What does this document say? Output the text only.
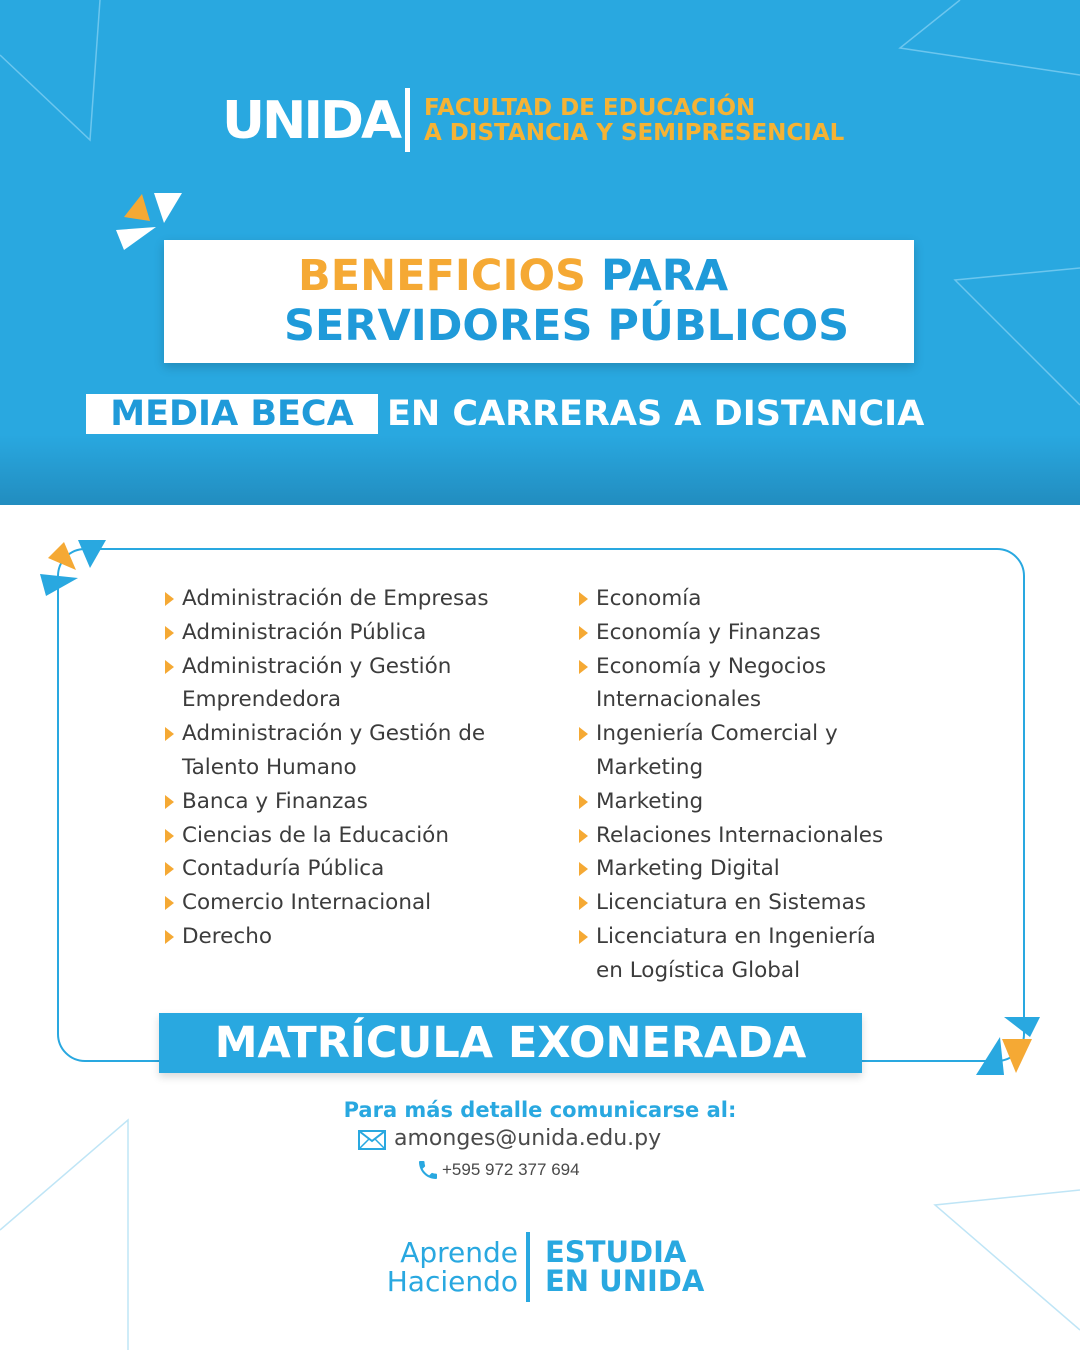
UNIDA FACULTAD DE EDUCACIÓN
A DISTANCIA Y SEMIPRESENCIAL
BENEFICIOS PARA
SERVIDORES PÚBLICOS
MEDIA BECA EN CARRERAS A DISTANCIA
Administración de Empresas
Administración Pública
Administración y Gestión
Emprendedora
Administración y Gestión de
Talento Humano
Banca y Finanzas
Ciencias de la Educación
Contaduría Pública
Comercio Internacional
Derecho
Economía
Economía y Finanzas
Economía y Negocios
Internacionales
Ingeniería Comercial y
Marketing
Marketing
Relaciones Internacionales
Marketing Digital
Licenciatura en Sistemas
Licenciatura en Ingeniería
en Logística Global
MATRÍCULA EXONERADA
Para más detalle comunicarse al:
amonges@unida.edu.py
+595 972 377 694
Aprende
Haciendo
ESTUDIA
EN UNIDA
